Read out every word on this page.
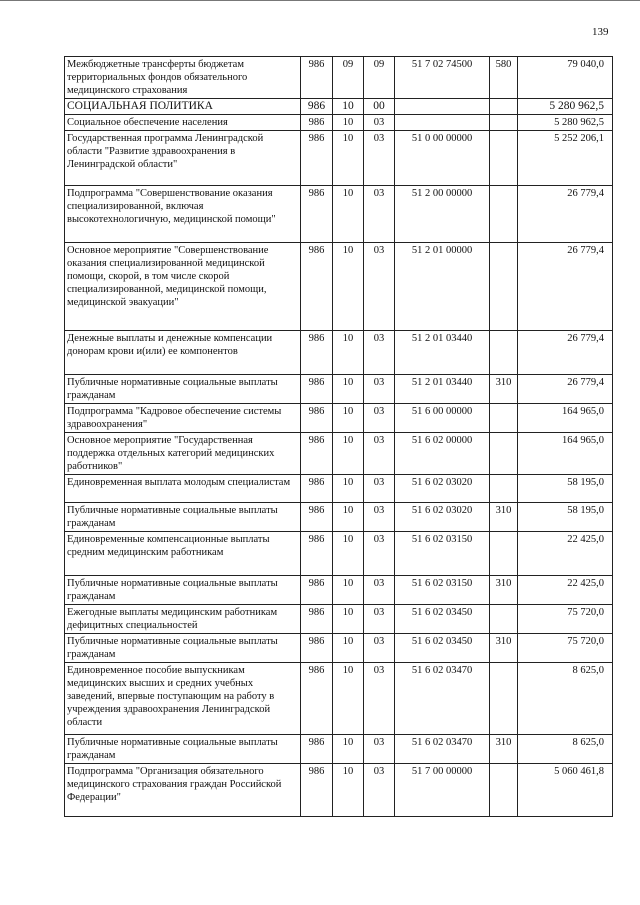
139
Межбюджетные трансферты бюджетам территориальных фондов обязательного медицинского страхования	986	09	09	51 7 02 74500	580	79 040,0
СОЦИАЛЬНАЯ ПОЛИТИКА	986	10	00			5 280 962,5
Социальное обеспечение населения	986	10	03			5 280 962,5
Государственная программа Ленинградской области "Развитие здравоохранения в Ленинградской области"	986	10	03	51 0 00 00000		5 252 206,1
Подпрограмма "Совершенствование оказания специализированной, включая высокотехнологичную, медицинской помощи"	986	10	03	51 2 00 00000		26 779,4
Основное мероприятие "Совершенствование оказания специализированной медицинской помощи, скорой, в том числе скорой специализированной, медицинской помощи, медицинской эвакуации"	986	10	03	51 2 01 00000		26 779,4
Денежные выплаты и денежные компенсации донорам крови и(или) ее компонентов	986	10	03	51 2 01 03440		26 779,4
Публичные нормативные социальные выплаты гражданам	986	10	03	51 2 01 03440	310	26 779,4
Подпрограмма "Кадровое обеспечение системы здравоохранения"	986	10	03	51 6 00 00000		164 965,0
Основное мероприятие "Государственная поддержка отдельных категорий медицинских работников"	986	10	03	51 6 02 00000		164 965,0
Единовременная выплата молодым специалистам	986	10	03	51 6 02 03020		58 195,0
Публичные нормативные социальные выплаты гражданам	986	10	03	51 6 02 03020	310	58 195,0
Единовременные компенсационные выплаты средним медицинским работникам	986	10	03	51 6 02 03150		22 425,0
Публичные нормативные социальные выплаты гражданам	986	10	03	51 6 02 03150	310	22 425,0
Ежегодные выплаты медицинским работникам дефицитных специальностей	986	10	03	51 6 02 03450		75 720,0
Публичные нормативные социальные выплаты гражданам	986	10	03	51 6 02 03450	310	75 720,0
Единовременное пособие выпускникам медицинских высших и средних учебных заведений, впервые поступающим на работу в учреждения здравоохранения Ленинградской области	986	10	03	51 6 02 03470		8 625,0
Публичные нормативные социальные выплаты гражданам	986	10	03	51 6 02 03470	310	8 625,0
Подпрограмма "Организация обязательного медицинского страхования граждан Российской Федерации"	986	10	03	51 7 00 00000		5 060 461,8
